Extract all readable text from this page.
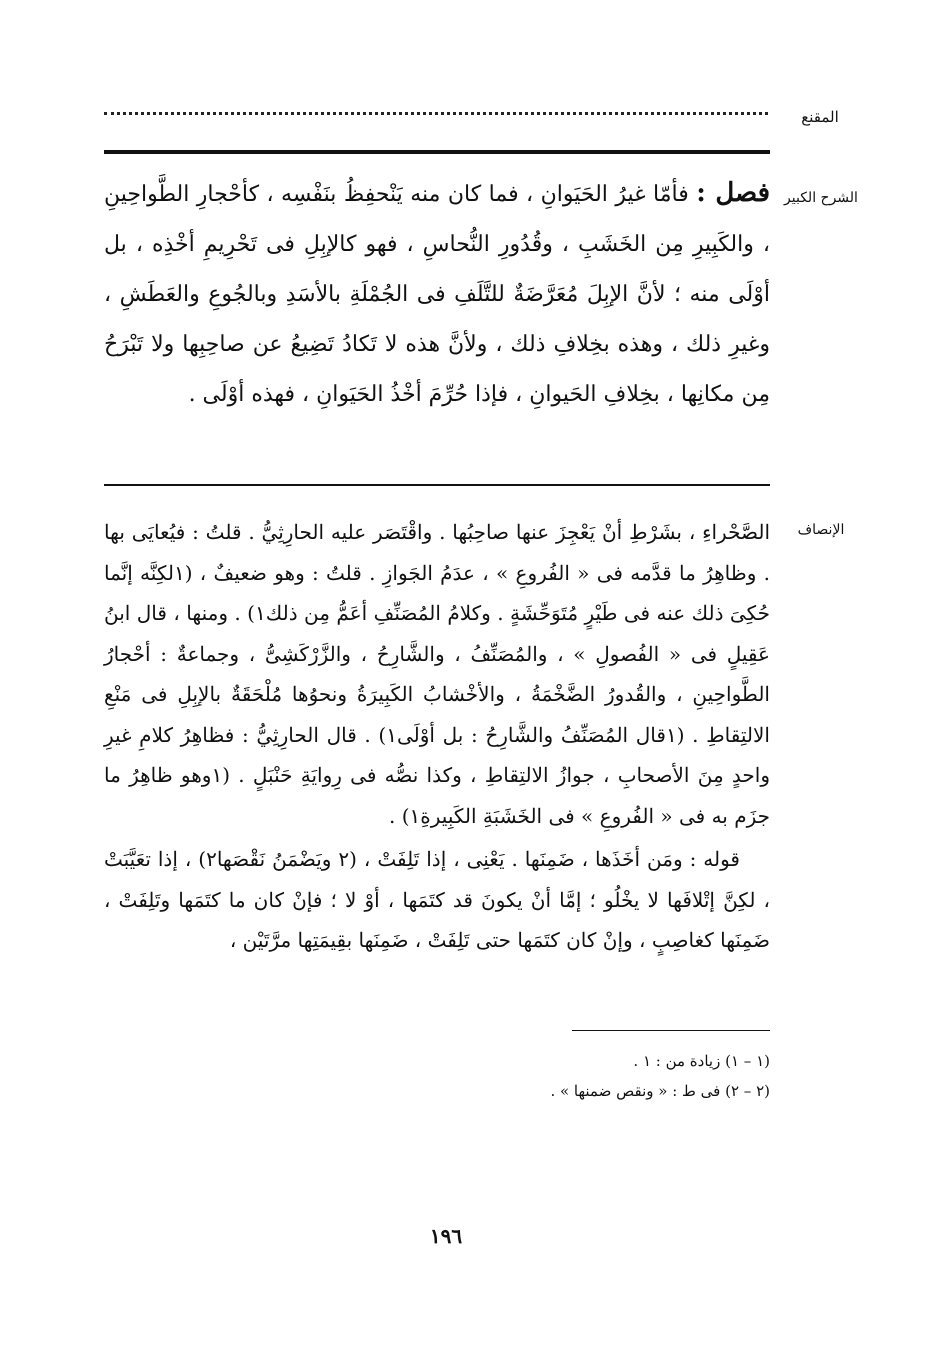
المقنع
الشرح الكبير
فصل : فأمّا غيرُ الحَيَوانِ ، فما كان منه يَنْحفِظُ بنَفْسِه ، كأحْجارِ الطَّواحِينِ ، والكَبِيرِ مِن الخَشَبِ ، وقُدُورِ النُّحاسِ ، فهو كالإبِلِ فى تَحْرِيمِ أخْذِه ، بل أوْلَى منه ؛ لأنَّ الإبِلَ مُعَرَّضَةٌ للتَّلَفِ فى الجُمْلَةِ بالأسَدِ وبالجُوعِ والعَطَشِ ، وغيرِ ذلك ، وهذه بخِلافِ ذلك ، ولأنَّ هذه لا تَكادُ تَضِيعُ عن صاحِبِها ولا تَبْرَحُ مِن مكانِها ، بخِلافِ الحَيوانِ ، فإذا حُرِّمَ أخْذُ الحَيَوانِ ، فهذه أوْلَى .
الإنصاف

الصَّحْراءِ ، بشَرْطِ أنْ يَعْجِزَ عنها صاحِبُها . واقْتَصَر عليه الحارِثِيُّ . قلتُ : فيُعايَى بها . وظاهِرُ ما قدَّمه فى « الفُروعِ » ، عدَمُ الجَوازِ . قلتُ : وهو ضعيفٌ ، (١لكِنَّه إنَّما حُكِىَ ذلك عنه فى طَيْرٍ مُتَوَحِّشَةٍ . وكلامُ المُصَنِّفِ أعَمُّ مِن ذلك١) . ومنها ، قال ابنُ عَقِيلٍ فى « الفُصولِ » ، والمُصَنِّفُ ، والشَّارِحُ ، والزَّرْكَشِىُّ ، وجماعةٌ : أحْجارُ الطَّواحِينِ ، والقُدورُ الضَّخْمَةُ ، والأخْشابُ الكَبِيرَةُ ونحوُها مُلْحَقَةٌ بالإبِلِ فى مَنْعِ الالتِقاطِ . (١قال المُصَنِّفُ والشَّارِحُ : بل أوْلَى١) . قال الحارِثِيُّ : فظاهِرُ كلامِ غيرِ واحدٍ مِنَ الأصحابِ ، جوازُ الالتِقاطِ ، وكذا نصُّه فى رِوايَةِ حَنْبَلٍ . (١وهو ظاهِرُ ما جزَم به فى « الفُروعِ » فى الخَشَبَةِ الكَبِيرةِ١) .

قوله : ومَن أخَذَها ، ضَمِنَها . يَعْنِى ، إذا تَلِفَتْ ، (٢ ويَضْمَنُ نَقْصَها٢) ، إذا تعَيَّبَتْ ، لكِنَّ إتْلافَها لا يخْلُو ؛ إمَّا أنْ يكونَ قد كتَمَها ، أوْ لا ؛ فإنْ كان ما كتَمَها وتَلِفَتْ ، ضَمِنَها كغاصِبٍ ، وإنْ كان كتَمَها حتى تَلِفَتْ ، ضَمِنَها بقِيمَتِها مرَّتَيْن ،

(١ – ١) زيادة من : ١ .
(٢ – ٢) فى ط : « ونقص ضمنها » .
١٩٦
